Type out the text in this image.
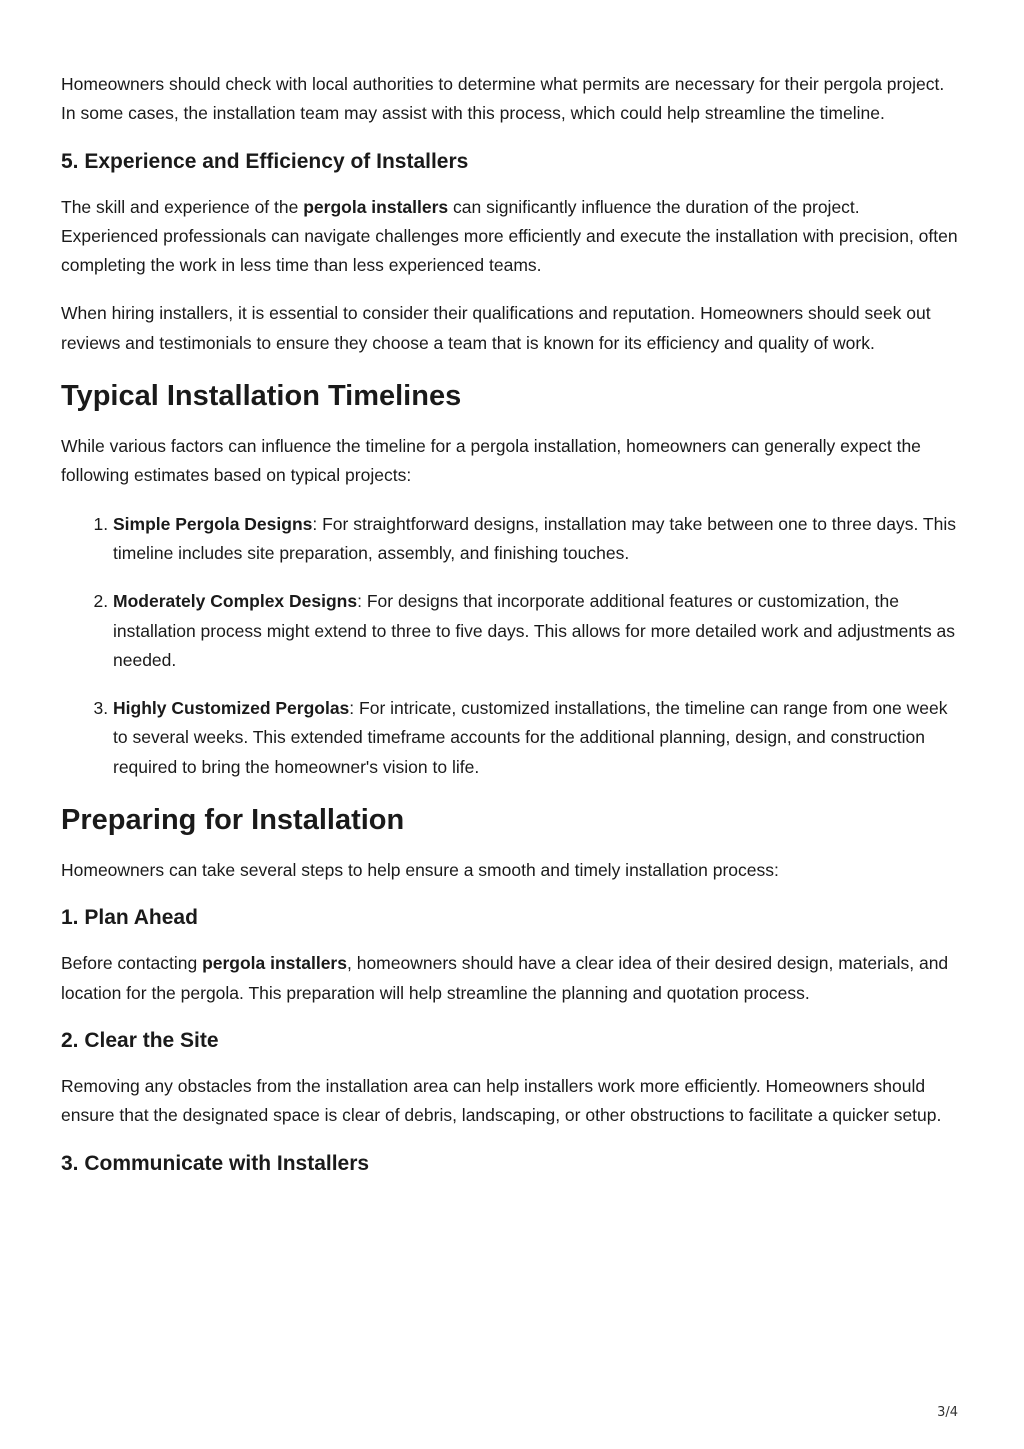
Homeowners should check with local authorities to determine what permits are necessary for their pergola project. In some cases, the installation team may assist with this process, which could help streamline the timeline.

5. Experience and Efficiency of Installers

The skill and experience of the pergola installers can significantly influence the duration of the project. Experienced professionals can navigate challenges more efficiently and execute the installation with precision, often completing the work in less time than less experienced teams.

When hiring installers, it is essential to consider their qualifications and reputation. Homeowners should seek out reviews and testimonials to ensure they choose a team that is known for its efficiency and quality of work.

Typical Installation Timelines

While various factors can influence the timeline for a pergola installation, homeowners can generally expect the following estimates based on typical projects:

1. Simple Pergola Designs: For straightforward designs, installation may take between one to three days. This timeline includes site preparation, assembly, and finishing touches.
2. Moderately Complex Designs: For designs that incorporate additional features or customization, the installation process might extend to three to five days. This allows for more detailed work and adjustments as needed.
3. Highly Customized Pergolas: For intricate, customized installations, the timeline can range from one week to several weeks. This extended timeframe accounts for the additional planning, design, and construction required to bring the homeowner's vision to life.
Preparing for Installation

Homeowners can take several steps to help ensure a smooth and timely installation process:

1. Plan Ahead

Before contacting pergola installers, homeowners should have a clear idea of their desired design, materials, and location for the pergola. This preparation will help streamline the planning and quotation process.

2. Clear the Site

Removing any obstacles from the installation area can help installers work more efficiently. Homeowners should ensure that the designated space is clear of debris, landscaping, or other obstructions to facilitate a quicker setup.

3. Communicate with Installers
3/4
